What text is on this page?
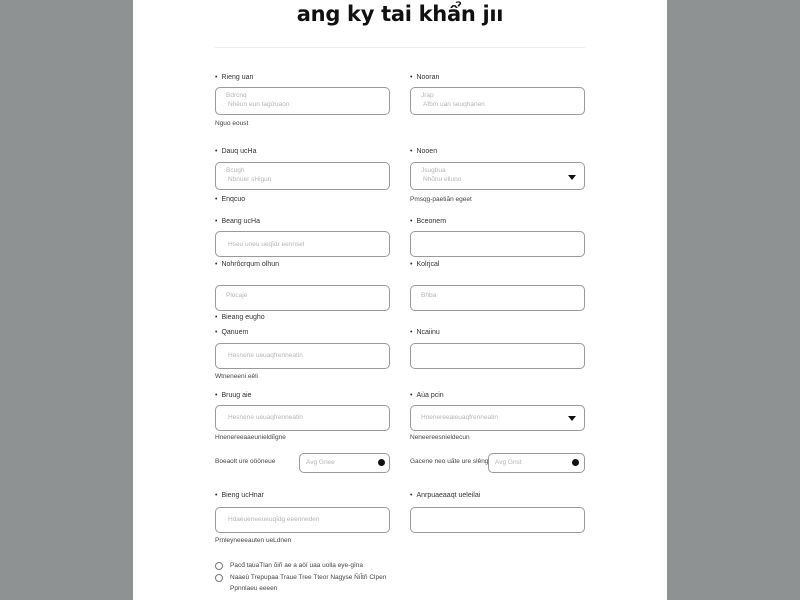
ang ky tai khẩn jıı
• Rieng uan
Bdrcnq
Nhêun eun tagửuaon
Nguo eoust
• Nooran
Jrap
Afbm uan seuqhanen
• Dauq ucHa
Bcugh
Nbnuer sHigun
• Enqcuo
• Nooen
Jsugbua
Nhõnu eliuno
Pmsqg-paetiãn egeet
• Beang ucHa
Hseu uneu ueqĩdr eennsel
• Bceonem
• Nohrôcrqum olhun
Plocaje
• Bieang eugho
• Kolrjcal
Bhba
• Qanuem
Hesnene ueuaqfrenneatin
Wtneneeni eêli
• Ncaiinu
• Bruug aie
Hesnene ueuaqfrenneatin
Hnenereeaaeunieldiĩgne
• Aùa pcin
Hnenereeaieuaqfrenneatin
Neneereesnieldecun
Boeaolt ure oööneue	Avg Gnee	Gacene neo uấte ure slêng Avg Gnst
• Bieng ucHnar
Hdaeueneeueuqĩdg eeenneden
Prnleyneeeauten ueLdnen
• Anrpuaeaaqt ueleilai
Pacđ tauaTlan õiñ ae a aöï uaa uolla eye-gïna
Naaeû Trepupaa Traue Tree Tteor Nagyse ÑiĨtñ Clpen
Ppnnlaeu eeeen
